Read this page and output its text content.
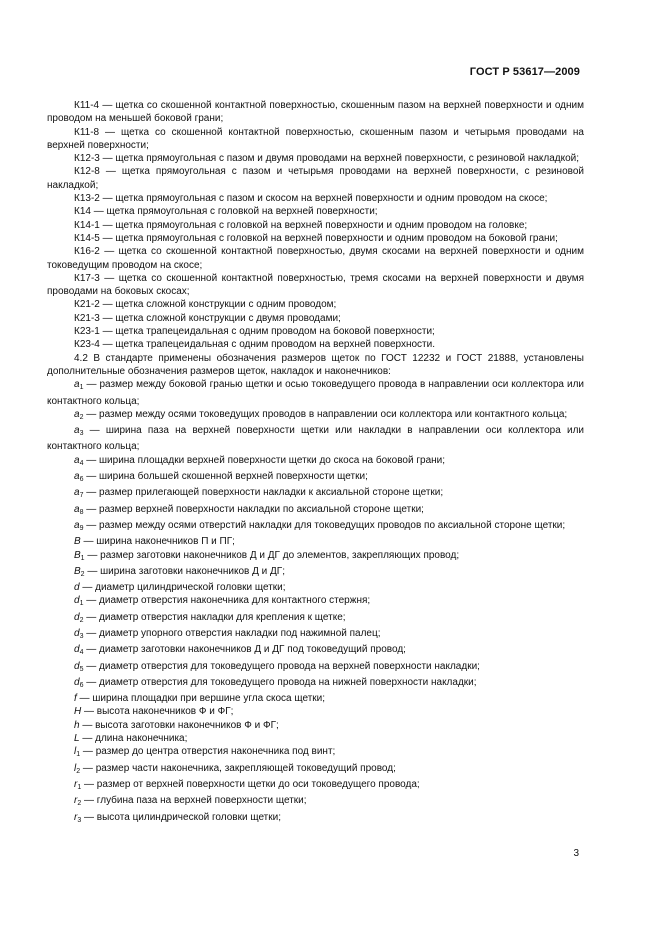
ГОСТ Р 53617—2009

К11-4 — щетка со скошенной контактной поверхностью, скошенным пазом на верхней поверхности и одним проводом на меньшей боковой грани;

К11-8 — щетка со скошенной контактной поверхностью, скошенным пазом и четырьмя проводами на верхней поверхности;

К12-3 — щетка прямоугольная с пазом и двумя проводами на верхней поверхности, с резиновой накладкой;

К12-8 — щетка прямоугольная с пазом и четырьмя проводами на верхней поверхности, с резиновой накладкой;

К13-2 — щетка прямоугольная с пазом и скосом на верхней поверхности и одним проводом на скосе;

К14 — щетка прямоугольная с головкой на верхней поверхности;

К14-1 — щетка прямоугольная с головкой на верхней поверхности и одним проводом на головке;

К14-5 — щетка прямоугольная с головкой на верхней поверхности и одним проводом на боковой грани;

К16-2 — щетка со скошенной контактной поверхностью, двумя скосами на верхней поверхности и одним токоведущим проводом на скосе;

К17-3 — щетка со скошенной контактной поверхностью, тремя скосами на верхней поверхности и двумя проводами на боковых скосах;

К21-2 — щетка сложной конструкции с одним проводом;

К21-3 — щетка сложной конструкции с двумя проводами;

К23-1 — щетка трапецеидальная с одним проводом на боковой поверхности;

К23-4 — щетка трапецеидальная с одним проводом на верхней поверхности.

4.2 В стандарте применены обозначения размеров щеток по ГОСТ 12232 и ГОСТ 21888, установлены дополнительные обозначения размеров щеток, накладок и наконечников:

$a_1$ — размер между боковой гранью щетки и осью токоведущего провода в направлении оси коллектора или контактного кольца;

$a_2$ — размер между осями токоведущих проводов в направлении оси коллектора или контактного кольца;

$a_3$ — ширина паза на верхней поверхности щетки или накладки в направлении оси коллектора или контактного кольца;

$a_4$ — ширина площадки верхней поверхности щетки до скоса на боковой грани;

$a_6$ — ширина большей скошенной верхней поверхности щетки;

$a_7$ — размер прилегающей поверхности накладки к аксиальной стороне щетки;

$a_8$ — размер верхней поверхности накладки по аксиальной стороне щетки;

$a_9$ — размер между осями отверстий накладки для токоведущих проводов по аксиальной стороне щетки;

B — ширина наконечников П и ПГ;

$B_1$ — размер заготовки наконечников Д и ДГ до элементов, закрепляющих провод;

$B_2$ — ширина заготовки наконечников Д и ДГ;

d — диаметр цилиндрической головки щетки;

$d_1$ — диаметр отверстия наконечника для контактного стержня;

$d_2$ — диаметр отверстия накладки для крепления к щетке;

$d_3$ — диаметр упорного отверстия накладки под нажимной палец;

$d_4$ — диаметр заготовки наконечников Д и ДГ под токоведущий провод;

$d_5$ — диаметр отверстия для токоведущего провода на верхней поверхности накладки;

$d_6$ — диаметр отверстия для токоведущего провода на нижней поверхности накладки;

f — ширина площадки при вершине угла скоса щетки;

H — высота наконечников Ф и ФГ;

h — высота заготовки наконечников Ф и ФГ;

L — длина наконечника;

$l_1$ — размер до центра отверстия наконечника под винт;

$l_2$ — размер части наконечника, закрепляющей токоведущий провод;

$r_1$ — размер от верхней поверхности щетки до оси токоведущего провода;

$r_2$ — глубина паза на верхней поверхности щетки;

$r_3$ — высота цилиндрической головки щетки;

3
